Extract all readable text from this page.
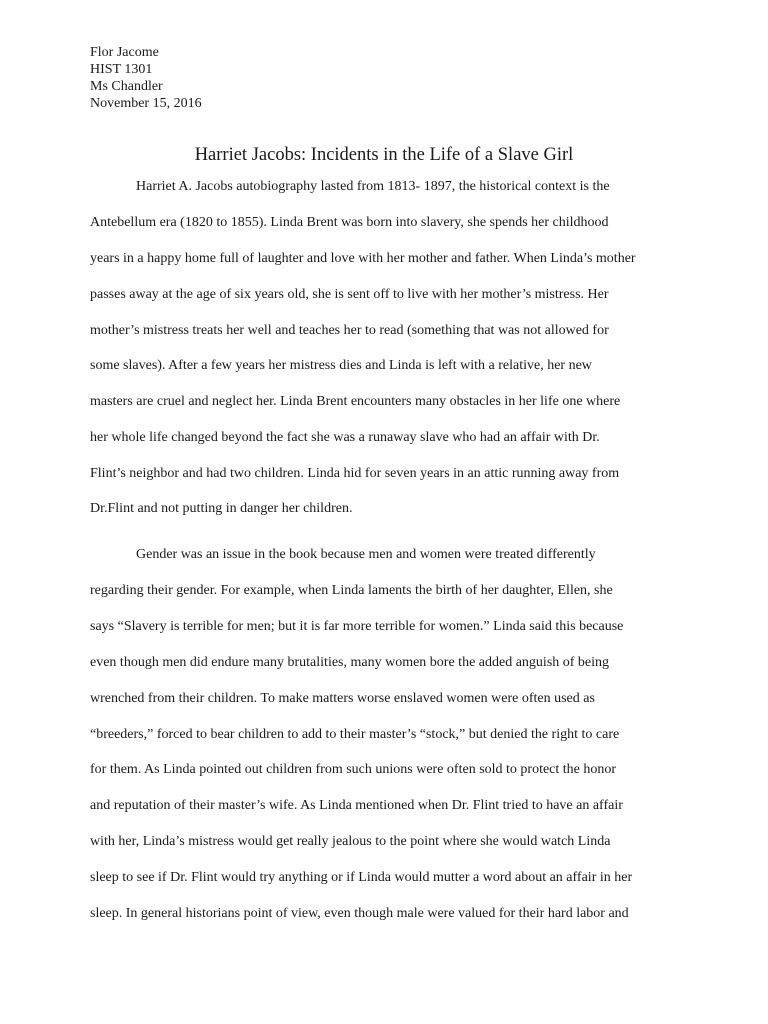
Flor Jacome
HIST 1301
Ms Chandler
November 15, 2016
Harriet Jacobs: Incidents in the Life of a Slave Girl
Harriet A. Jacobs autobiography lasted from 1813- 1897, the historical context is the
Antebellum era (1820 to 1855). Linda Brent was born into slavery, she spends her childhood
years in a happy home full of laughter and love with her mother and father. When Linda’s mother
passes away at the age of six years old, she is sent off to live with her mother’s mistress. Her
mother’s mistress treats her well and teaches her to read (something that was not allowed for
some slaves). After a few years her mistress dies and Linda is left with a relative, her new
masters are cruel and neglect her. Linda Brent encounters many obstacles in her life one where
her whole life changed beyond the fact she was a runaway slave who had an affair with Dr.
Flint’s neighbor and had two children. Linda hid for seven years in an attic running away from
Dr.Flint and not putting in danger her children.
Gender was an issue in the book because men and women were treated differently
regarding their gender. For example, when Linda laments the birth of her daughter, Ellen, she
says “Slavery is terrible for men; but it is far more terrible for women.” Linda said this because
even though men did endure many brutalities, many women bore the added anguish of being
wrenched from their children. To make matters worse enslaved women were often used as
“breeders,” forced to bear children to add to their master’s “stock,” but denied the right to care
for them. As Linda pointed out children from such unions were often sold to protect the honor
and reputation of their master’s wife. As Linda mentioned when Dr. Flint tried to have an affair
with her, Linda’s mistress would get really jealous to the point where she would watch Linda
sleep to see if Dr. Flint would try anything or if Linda would mutter a word about an affair in her
sleep. In general historians point of view, even though male were valued for their hard labor and
